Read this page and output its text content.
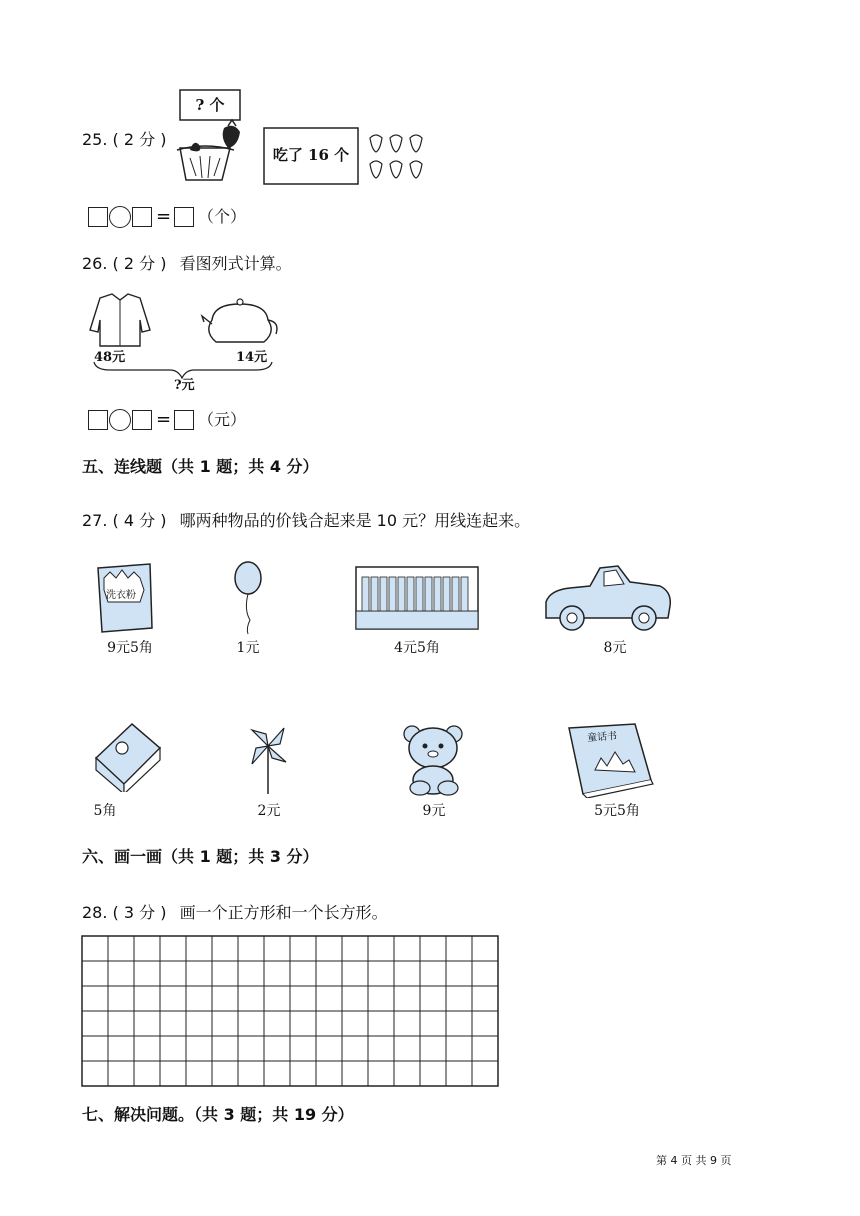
25. ( 2 分 )
? 个
吃了 16 个
= （个）
26. ( 2 分 ) 看图列式计算。
48元	14元
?元
= （元）
五、连线题（共 1 题；共 4 分）
27. ( 4 分 ) 哪两种物品的价钱合起来是 10 元？用线连起来。
洗衣粉
9元5角	1元	4元5角	8元
5角	2元	9元
童话书
5元5角
六、画一画（共 1 题；共 3 分）
28. ( 3 分 ) 画一个正方形和一个长方形。
七、解决问题。（共 3 题；共 19 分）
第 4 页 共 9 页
